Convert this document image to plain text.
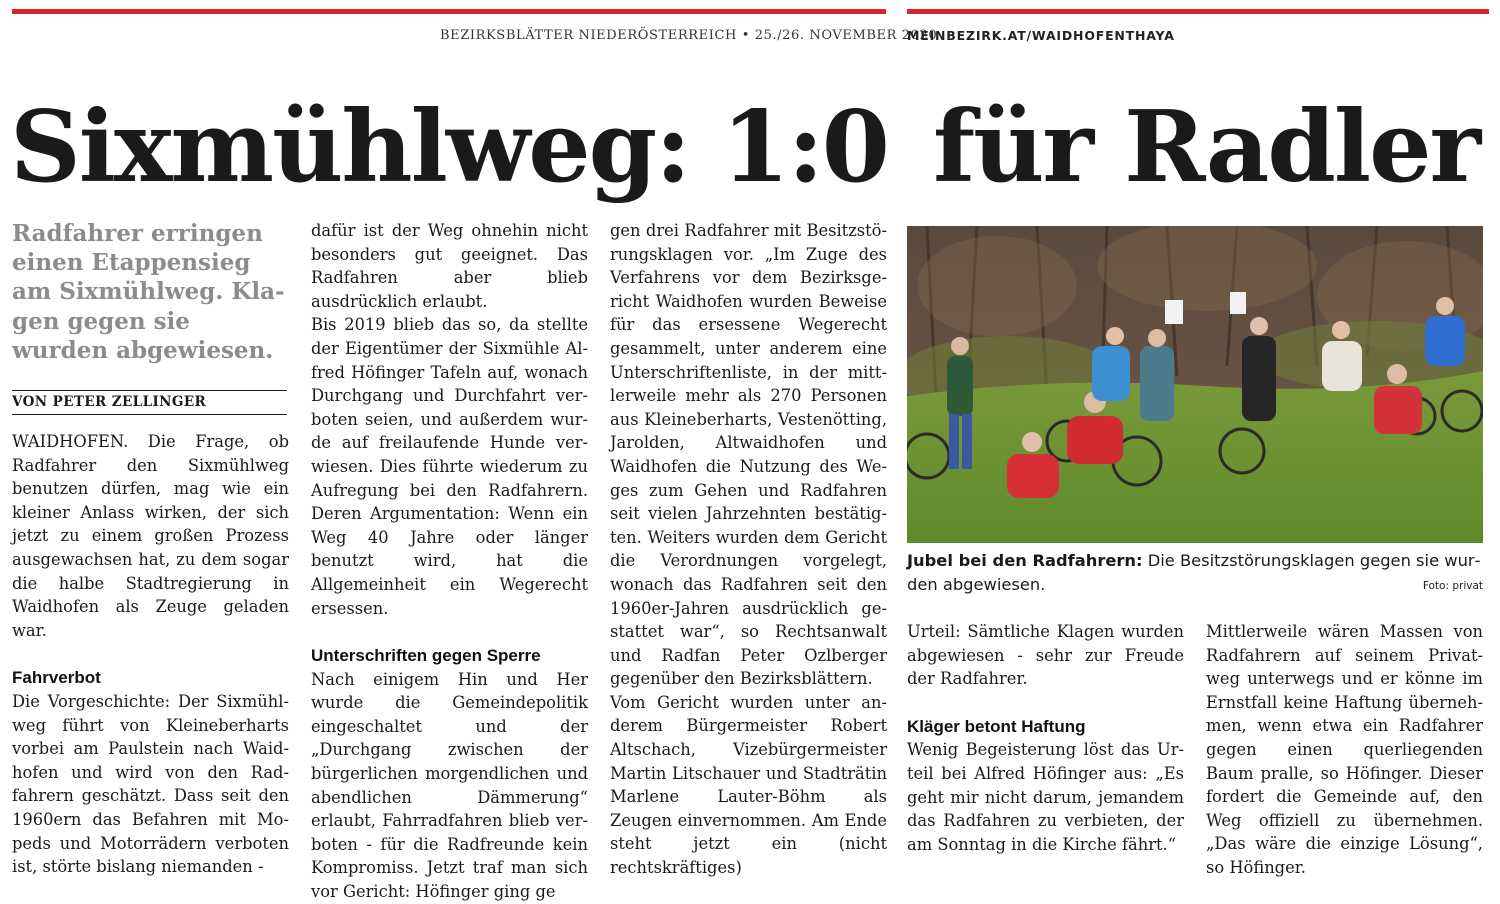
BEZIRKSBLÄTTER NIEDERÖSTERREICH • 25./26. NOVEMBER 2020
MEINBEZIRK.AT/WAIDHOFENTHAYA
Sixmühlweg: 1:0 für Radler
Radfahrer erringen einen Etappensieg am Sixmühlweg. Klagen gegen sie wurden abgewiesen.
VON PETER ZELLINGER

WAIDHOFEN. Die Frage, ob Radfahrer den Sixmühlweg benutzen dürfen, mag wie ein kleiner Anlass wirken, der sich jetzt zu einem großen Prozess ausgewachsen hat, zu dem sogar die halbe Stadtregierung in Waidhofen als Zeuge geladen war.

Fahrverbot

Die Vorgeschichte: Der Sixmühlweg führt von Kleineberharts vorbei am Paulstein nach Waidhofen und wird von den Radfahrern geschätzt. Dass seit den 1960ern das Befahren mit Mopeds und Motorrädern verboten ist, störte bislang niemanden -

dafür ist der Weg ohnehin nicht besonders gut geeignet. Das Radfahren aber blieb ausdrücklich erlaubt.

Bis 2019 blieb das so, da stellte der Eigentümer der Sixmühle Alfred Höfinger Tafeln auf, wonach Durchgang und Durchfahrt verboten seien, und außerdem wurde auf freilaufende Hunde verwiesen. Dies führte wiederum zu Aufregung bei den Radfahrern. Deren Argumentation: Wenn ein Weg 40 Jahre oder länger benutzt wird, hat die Allgemeinheit ein Wegerecht ersessen.

Unterschriften gegen Sperre

Nach einigem Hin und Her wurde die Gemeindepolitik eingeschaltet und der „Durchgang zwischen der bürgerlichen morgendlichen und abendlichen Dämmerung“ erlaubt, Fahrradfahren blieb verboten - für die Radfreunde kein Kompromiss. Jetzt traf man sich vor Gericht: Höfinger ging ge

gen drei Radfahrer mit Besitzstörungsklagen vor. „Im Zuge des Verfahrens vor dem Bezirksgericht Waidhofen wurden Beweise für das ersessene Wegerecht gesammelt, unter anderem eine Unterschriftenliste, in der mittlerweile mehr als 270 Personen aus Kleineberharts, Vestenötting, Jarolden, Altwaidhofen und Waidhofen die Nutzung des Weges zum Gehen und Radfahren seit vielen Jahrzehnten bestätigten. Weiters wurden dem Gericht die Verordnungen vorgelegt, wonach das Radfahren seit den 1960er-Jahren ausdrücklich gestattet war“, so Rechtsanwalt und Radfan Peter Ozlberger gegenüber den Bezirksblättern.

Vom Gericht wurden unter anderem Bürgermeister Robert Altschach, Vizebürgermeister Martin Litschauer und Stadträtin Marlene Lauter-Böhm als Zeugen einvernommen. Am Ende steht jetzt ein (nicht rechtskräftiges)

Jubel bei den Radfahrern: Die Besitzstörungsklagen gegen sie wurden abgewiesen.	Foto: privat

Urteil: Sämtliche Klagen wurden abgewiesen - sehr zur Freude der Radfahrer.

Kläger betont Haftung

Wenig Begeisterung löst das Urteil bei Alfred Höfinger aus: „Es geht mir nicht darum, jemandem das Radfahren zu verbieten, der am Sonntag in die Kirche fährt.“

Mittlerweile wären Massen von Radfahrern auf seinem Privatweg unterwegs und er könne im Ernstfall keine Haftung übernehmen, wenn etwa ein Radfahrer gegen einen querliegenden Baum pralle, so Höfinger. Dieser fordert die Gemeinde auf, den Weg offiziell zu übernehmen. „Das wäre die einzige Lösung“, so Höfinger.
